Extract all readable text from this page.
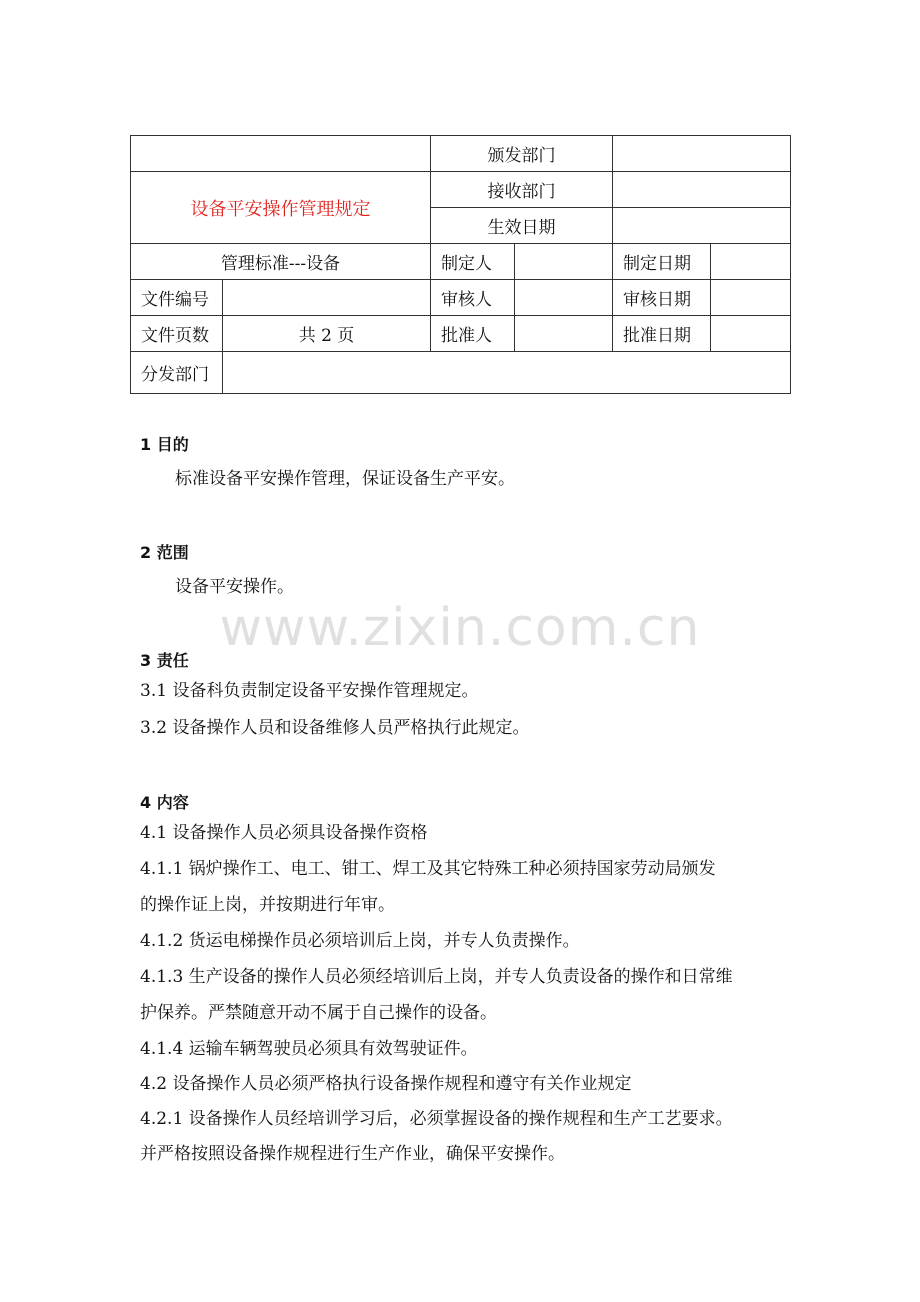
		颁发部门			
设备平安操作管理规定		接收部门			
		生效日期			
管理标准---设备		制定人		制定日期	
文件编号		审核人		审核日期	
文件页数	共 2 页	批准人		批准日期	
分发部门					
www.zixin.com.cn
1 目的
标准设备平安操作管理，保证设备生产平安。
2 范围
设备平安操作。
3 责任
3.1 设备科负责制定设备平安操作管理规定。
3.2 设备操作人员和设备维修人员严格执行此规定。
4 内容
4.1 设备操作人员必须具设备操作资格
4.1.1 锅炉操作工、电工、钳工、焊工及其它特殊工种必须持国家劳动局颁发
的操作证上岗，并按期进行年审。
4.1.2 货运电梯操作员必须培训后上岗，并专人负责操作。
4.1.3 生产设备的操作人员必须经培训后上岗，并专人负责设备的操作和日常维
护保养。严禁随意开动不属于自己操作的设备。
4.1.4 运输车辆驾驶员必须具有效驾驶证件。
4.2 设备操作人员必须严格执行设备操作规程和遵守有关作业规定
4.2.1 设备操作人员经培训学习后，必须掌握设备的操作规程和生产工艺要求。
并严格按照设备操作规程进行生产作业，确保平安操作。
